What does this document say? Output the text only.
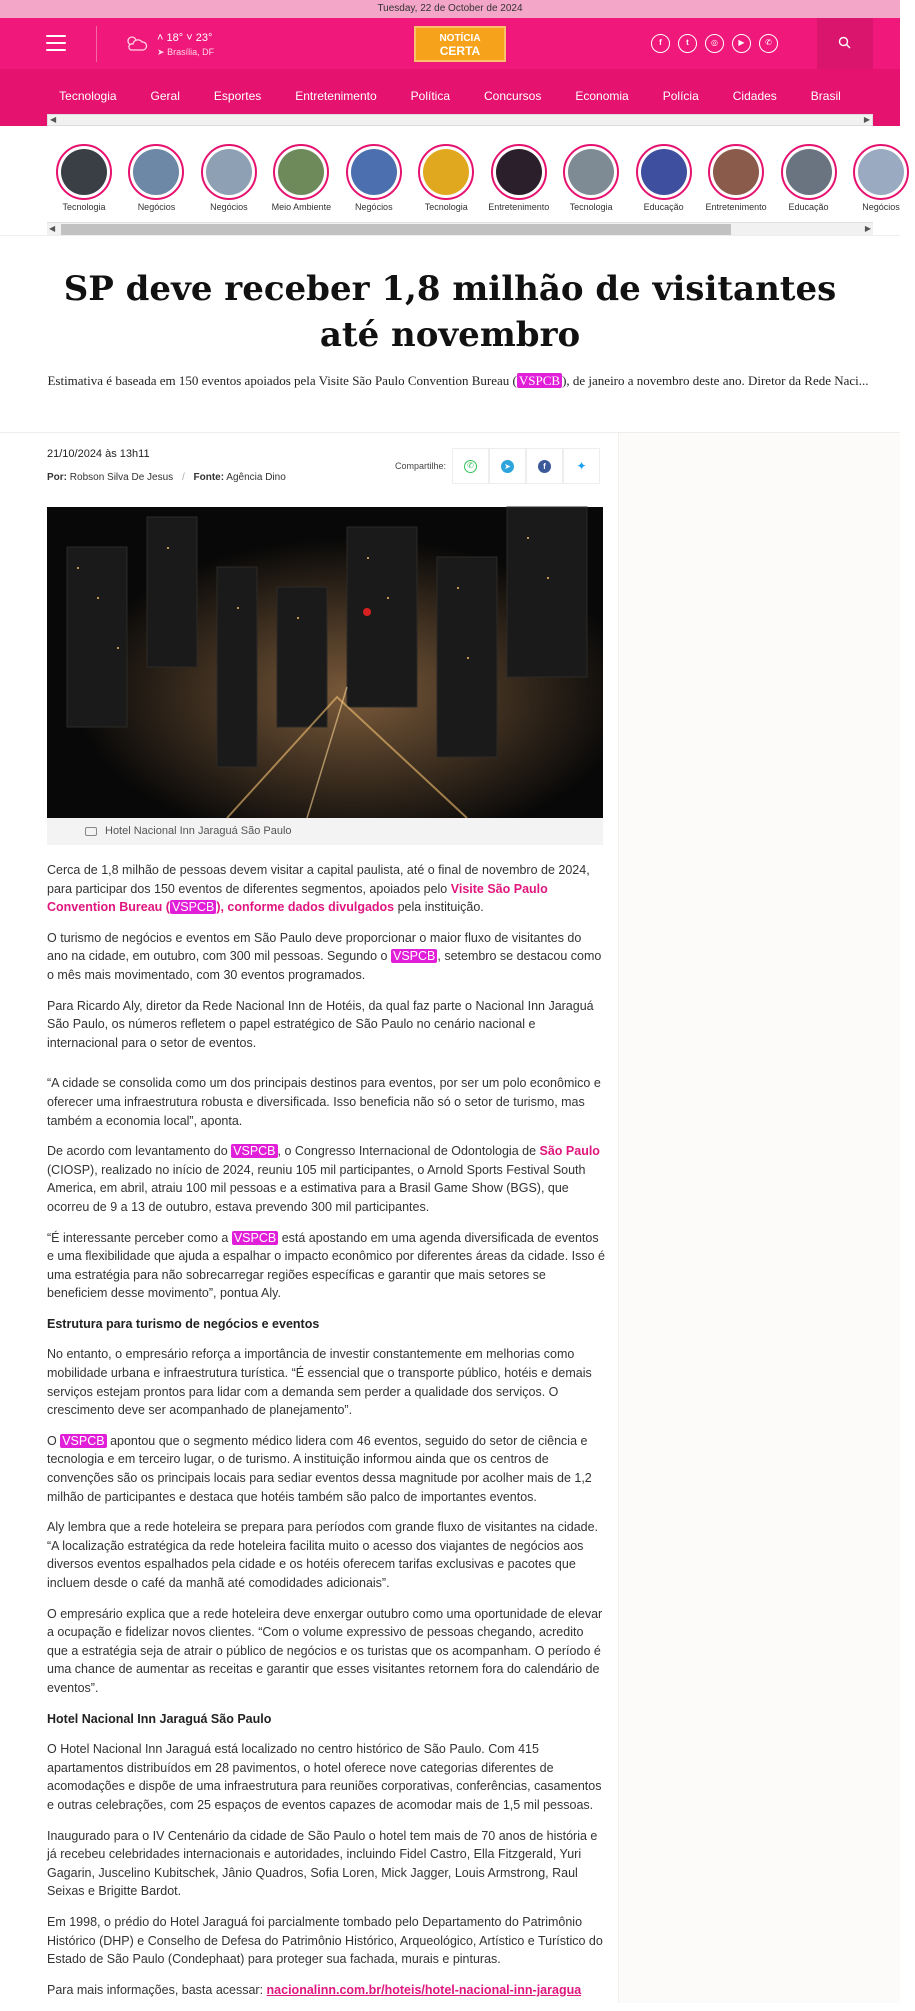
Tuesday, 22 de October de 2024
˄ 18° ˅ 23°
➤ Brasília, DF
NOTÍCIA
CERTA
f	t	◎	▶	✆
Tecnologia	Geral	Esportes	Entretenimento	Política	Concursos	Economia	Polícia	Cidades	Brasil
◀	▶
Tecnologia
	Negócios
	Negócios
	Meio Ambiente
	Negócios
	Tecnologia
	Entretenimento
	Tecnologia
	Educação
	Entretenimento
	Educação
	Negócios
◀	▶
SP deve receber 1,8 milhão de visitantes até novembro
Estimativa é baseada em 150 eventos apoiados pela Visite São Paulo Convention Bureau ( VSPCB ), de janeiro a novembro deste ano. Diretor da Rede Naci...
21/10/2024 às 13h11
Por: Robson Silva De Jesus / Fonte: Agência Dino
Compartilhe:	✆	➤	f	✦
Hotel Nacional Inn Jaraguá São Paulo

Cerca de 1,8 milhão de pessoas devem visitar a capital paulista, até o final de novembro de 2024, para participar dos 150 eventos de diferentes segmentos, apoiados pelo Visite São Paulo Convention Bureau ( VSPCB ), conforme dados divulgados pela instituição.

O turismo de negócios e eventos em São Paulo deve proporcionar o maior fluxo de visitantes do ano na cidade, em outubro, com 300 mil pessoas. Segundo o VSPCB , setembro se destacou como o mês mais movimentado, com 30 eventos programados.

Para Ricardo Aly, diretor da Rede Nacional Inn de Hotéis, da qual faz parte o Nacional Inn Jaraguá São Paulo, os números refletem o papel estratégico de São Paulo no cenário nacional e internacional para o setor de eventos.

“A cidade se consolida como um dos principais destinos para eventos, por ser um polo econômico e oferecer uma infraestrutura robusta e diversificada. Isso beneficia não só o setor de turismo, mas também a economia local”, aponta.

De acordo com levantamento do VSPCB , o Congresso Internacional de Odontologia de São Paulo (CIOSP), realizado no início de 2024, reuniu 105 mil participantes, o Arnold Sports Festival South America, em abril, atraiu 100 mil pessoas e a estimativa para a Brasil Game Show (BGS), que ocorreu de 9 a 13 de outubro, estava prevendo 300 mil participantes.

“É interessante perceber como a VSPCB está apostando em uma agenda diversificada de eventos e uma flexibilidade que ajuda a espalhar o impacto econômico por diferentes áreas da cidade. Isso é uma estratégia para não sobrecarregar regiões específicas e garantir que mais setores se beneficiem desse movimento”, pontua Aly.

Estrutura para turismo de negócios e eventos

No entanto, o empresário reforça a importância de investir constantemente em melhorias como mobilidade urbana e infraestrutura turística. “É essencial que o transporte público, hotéis e demais serviços estejam prontos para lidar com a demanda sem perder a qualidade dos serviços. O crescimento deve ser acompanhado de planejamento”.

O VSPCB apontou que o segmento médico lidera com 46 eventos, seguido do setor de ciência e tecnologia e em terceiro lugar, o de turismo. A instituição informou ainda que os centros de convenções são os principais locais para sediar eventos dessa magnitude por acolher mais de 1,2 milhão de participantes e destaca que hotéis também são palco de importantes eventos.

Aly lembra que a rede hoteleira se prepara para períodos com grande fluxo de visitantes na cidade. “A localização estratégica da rede hoteleira facilita muito o acesso dos viajantes de negócios aos diversos eventos espalhados pela cidade e os hotéis oferecem tarifas exclusivas e pacotes que incluem desde o café da manhã até comodidades adicionais”.

O empresário explica que a rede hoteleira deve enxergar outubro como uma oportunidade de elevar a ocupação e fidelizar novos clientes. “Com o volume expressivo de pessoas chegando, acredito que a estratégia seja de atrair o público de negócios e os turistas que os acompanham. O período é uma chance de aumentar as receitas e garantir que esses visitantes retornem fora do calendário de eventos”.

Hotel Nacional Inn Jaraguá São Paulo

O Hotel Nacional Inn Jaraguá está localizado no centro histórico de São Paulo. Com 415 apartamentos distribuídos em 28 pavimentos, o hotel oferece nove categorias diferentes de acomodações e dispõe de uma infraestrutura para reuniões corporativas, conferências, casamentos e outras celebrações, com 25 espaços de eventos capazes de acomodar mais de 1,5 mil pessoas.

Inaugurado para o IV Centenário da cidade de São Paulo o hotel tem mais de 70 anos de história e já recebeu celebridades internacionais e autoridades, incluindo Fidel Castro, Ella Fitzgerald, Yuri Gagarin, Juscelino Kubitschek, Jânio Quadros, Sofia Loren, Mick Jagger, Louis Armstrong, Raul Seixas e Brigitte Bardot.

Em 1998, o prédio do Hotel Jaraguá foi parcialmente tombado pelo Departamento do Patrimônio Histórico (DHP) e Conselho de Defesa do Patrimônio Histórico, Arqueológico, Artístico e Turístico do Estado de São Paulo (Condephaat) para proteger sua fachada, murais e pinturas.

Para mais informações, basta acessar: nacionalinn.com.br/hoteis/hotel-nacional-inn-jaragua
